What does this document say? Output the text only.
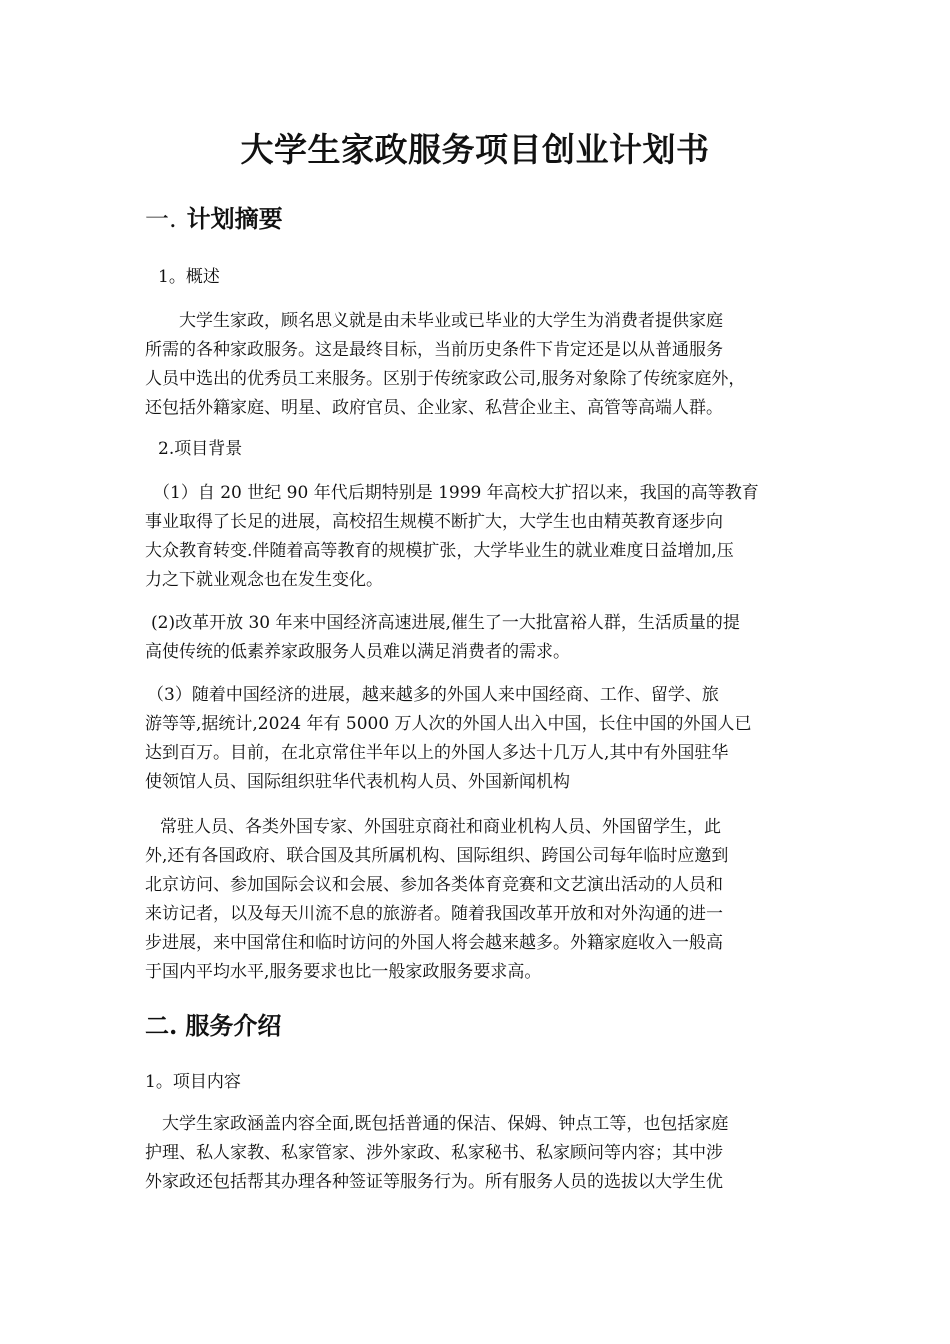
大学生家政服务项目创业计划书
一. 计划摘要
1。概述
大学生家政，顾名思义就是由未毕业或已毕业的大学生为消费者提供家庭
所需的各种家政服务。这是最终目标，当前历史条件下肯定还是以从普通服务
人员中选出的优秀员工来服务。区别于传统家政公司,服务对象除了传统家庭外，
还包括外籍家庭、明星、政府官员、企业家、私营企业主、高管等高端人群。
2.项目背景
（1）自 20 世纪 90 年代后期特别是 1999 年高校大扩招以来，我国的高等教育
事业取得了长足的进展，高校招生规模不断扩大，大学生也由精英教育逐步向
大众教育转变.伴随着高等教育的规模扩张，大学毕业生的就业难度日益增加,压
力之下就业观念也在发生变化。
(2)改革开放 30 年来中国经济高速进展,催生了一大批富裕人群，生活质量的提
高使传统的低素养家政服务人员难以满足消费者的需求。
（3）随着中国经济的进展，越来越多的外国人来中国经商、工作、留学、旅
游等等,据统计,2024 年有 5000 万人次的外国人出入中国，长住中国的外国人已
达到百万。目前，在北京常住半年以上的外国人多达十几万人,其中有外国驻华
使领馆人员、国际组织驻华代表机构人员、外国新闻机构
常驻人员、各类外国专家、外国驻京商社和商业机构人员、外国留学生，此
外,还有各国政府、联合国及其所属机构、国际组织、跨国公司每年临时应邀到
北京访问、参加国际会议和会展、参加各类体育竞赛和文艺演出活动的人员和
来访记者，以及每天川流不息的旅游者。随着我国改革开放和对外沟通的进一
步进展，来中国常住和临时访问的外国人将会越来越多。外籍家庭收入一般高
于国内平均水平,服务要求也比一般家政服务要求高。
二. 服务介绍
1。项目内容
大学生家政涵盖内容全面,既包括普通的保洁、保姆、钟点工等，也包括家庭
护理、私人家教、私家管家、涉外家政、私家秘书、私家顾问等内容；其中涉
外家政还包括帮其办理各种签证等服务行为。所有服务人员的选拔以大学生优
